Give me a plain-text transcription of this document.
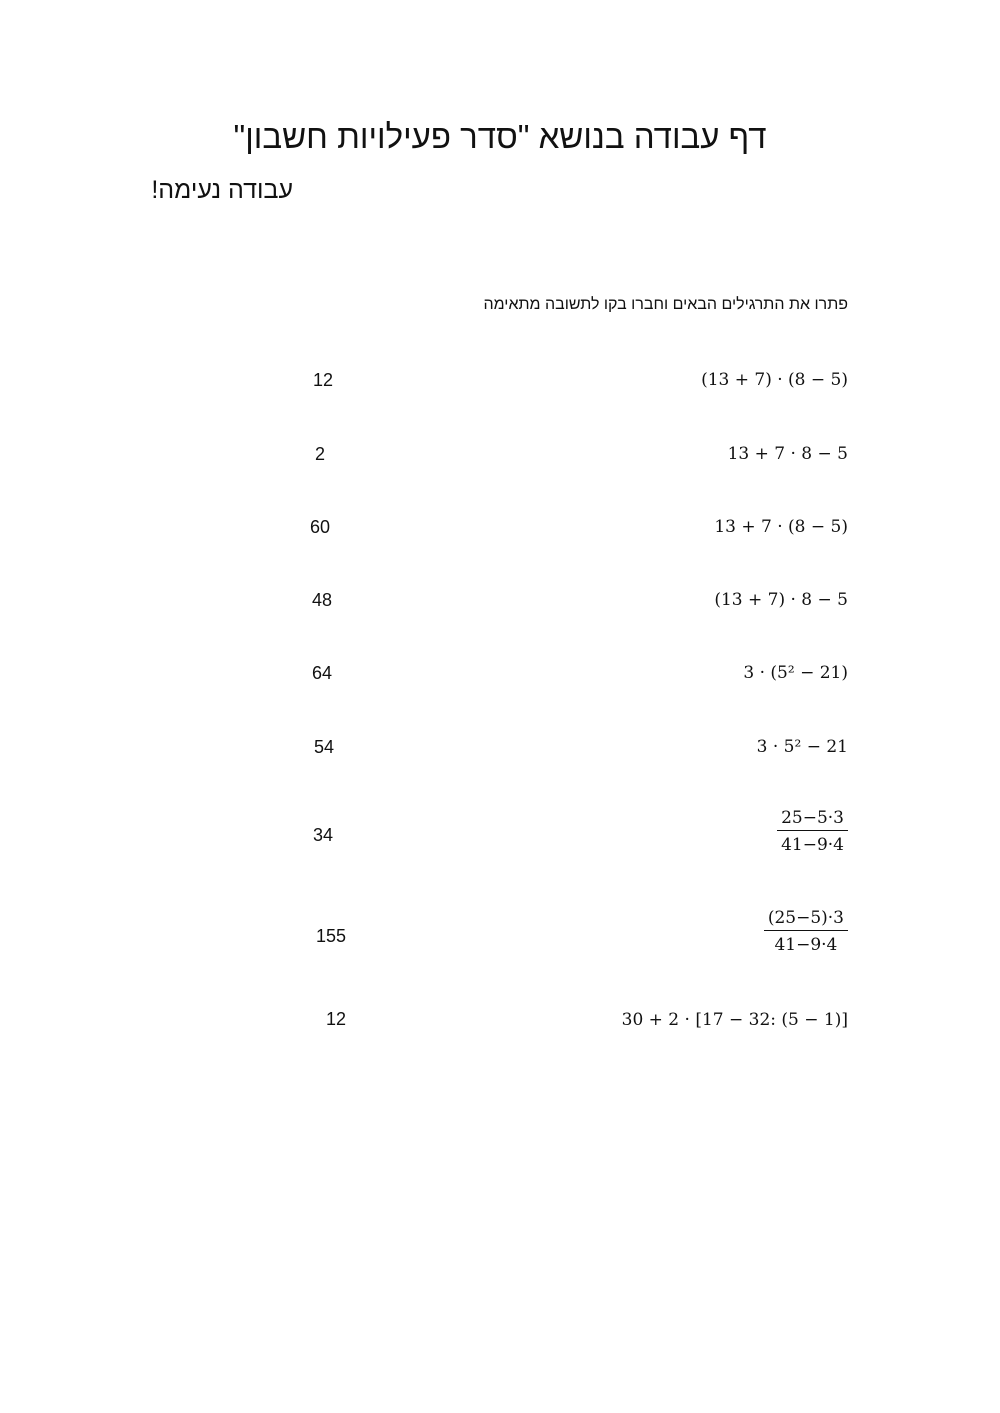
דף עבודה בנושא "סדר פעילויות חשבון"
עבודה נעימה!
פתרו את התרגילים הבאים וחברו בקו לתשובה מתאימה
(13 + 7) · (8 − 5)
13 + 7 · 8 − 5
13 + 7 · (8 − 5)
(13 + 7) · 8 − 5
3 · (5² − 21)
3 · 5² − 21
$\frac{25-5\cdot 3}{41-9\cdot 4}$
$\frac{(25-5)\cdot 3}{41-9\cdot 4}$
30 + 2 · [17 − 32: (5 − 1)]
12
2
60
48
64
54
34
155
12
